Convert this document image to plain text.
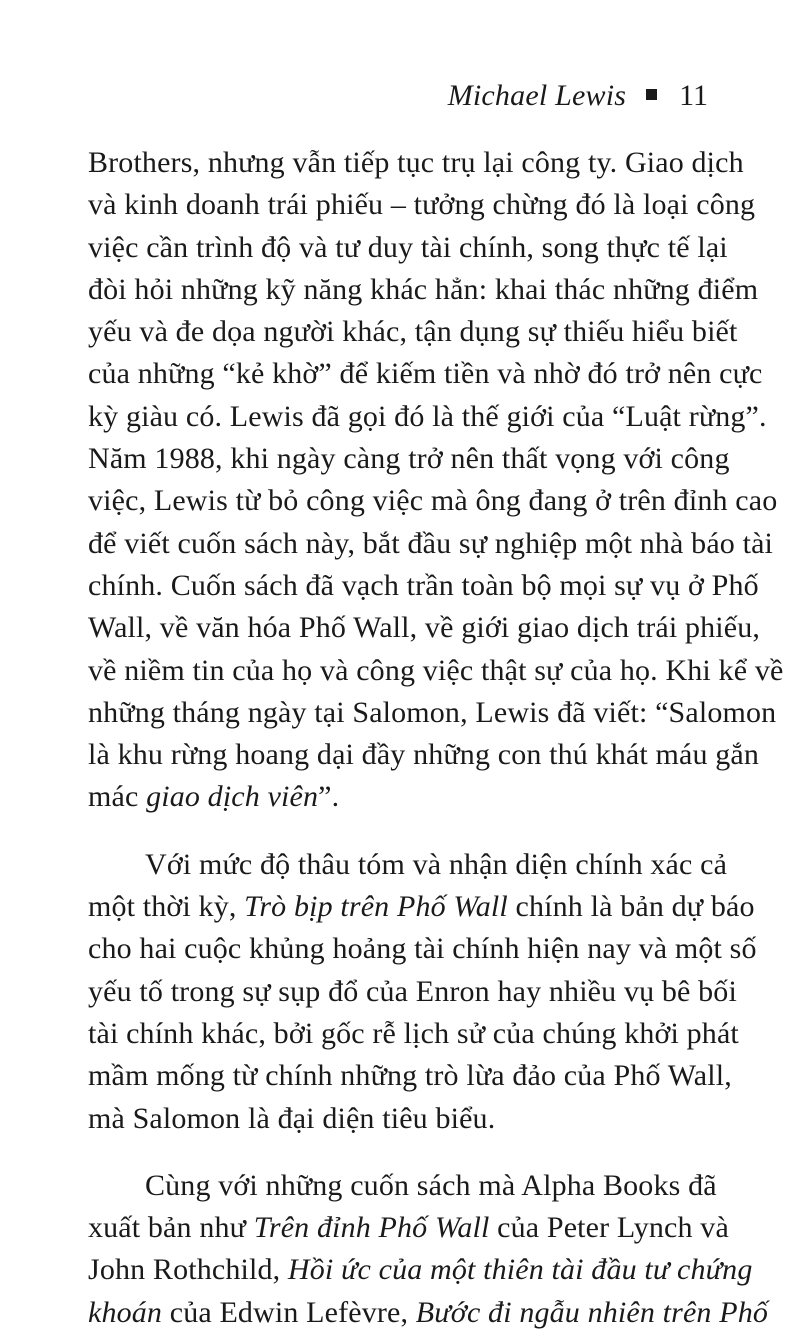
Michael Lewis 11
Brothers, nhưng vẫn tiếp tục trụ lại công ty. Giao dịch
và kinh doanh trái phiếu – tưởng chừng đó là loại công
việc cần trình độ và tư duy tài chính, song thực tế lại
đòi hỏi những kỹ năng khác hẳn: khai thác những điểm
yếu và đe dọa người khác, tận dụng sự thiếu hiểu biết
của những “kẻ khờ” để kiếm tiền và nhờ đó trở nên cực
kỳ giàu có. Lewis đã gọi đó là thế giới của “Luật rừng”.
Năm 1988, khi ngày càng trở nên thất vọng với công
việc, Lewis từ bỏ công việc mà ông đang ở trên đỉnh cao
để viết cuốn sách này, bắt đầu sự nghiệp một nhà báo tài
chính. Cuốn sách đã vạch trần toàn bộ mọi sự vụ ở Phố
Wall, về văn hóa Phố Wall, về giới giao dịch trái phiếu,
về niềm tin của họ và công việc thật sự của họ. Khi kể về
những tháng ngày tại Salomon, Lewis đã viết: “Salomon
là khu rừng hoang dại đầy những con thú khát máu gắn
mác giao dịch viên”.
Với mức độ thâu tóm và nhận diện chính xác cả
một thời kỳ, Trò bịp trên Phố Wall chính là bản dự báo
cho hai cuộc khủng hoảng tài chính hiện nay và một số
yếu tố trong sự sụp đổ của Enron hay nhiều vụ bê bối
tài chính khác, bởi gốc rễ lịch sử của chúng khởi phát
mầm mống từ chính những trò lừa đảo của Phố Wall,
mà Salomon là đại diện tiêu biểu.
Cùng với những cuốn sách mà Alpha Books đã
xuất bản như Trên đỉnh Phố Wall của Peter Lynch và
John Rothchild, Hồi ức của một thiên tài đầu tư chứng
khoán của Edwin Lefèvre, Bước đi ngẫu nhiên trên Phố
